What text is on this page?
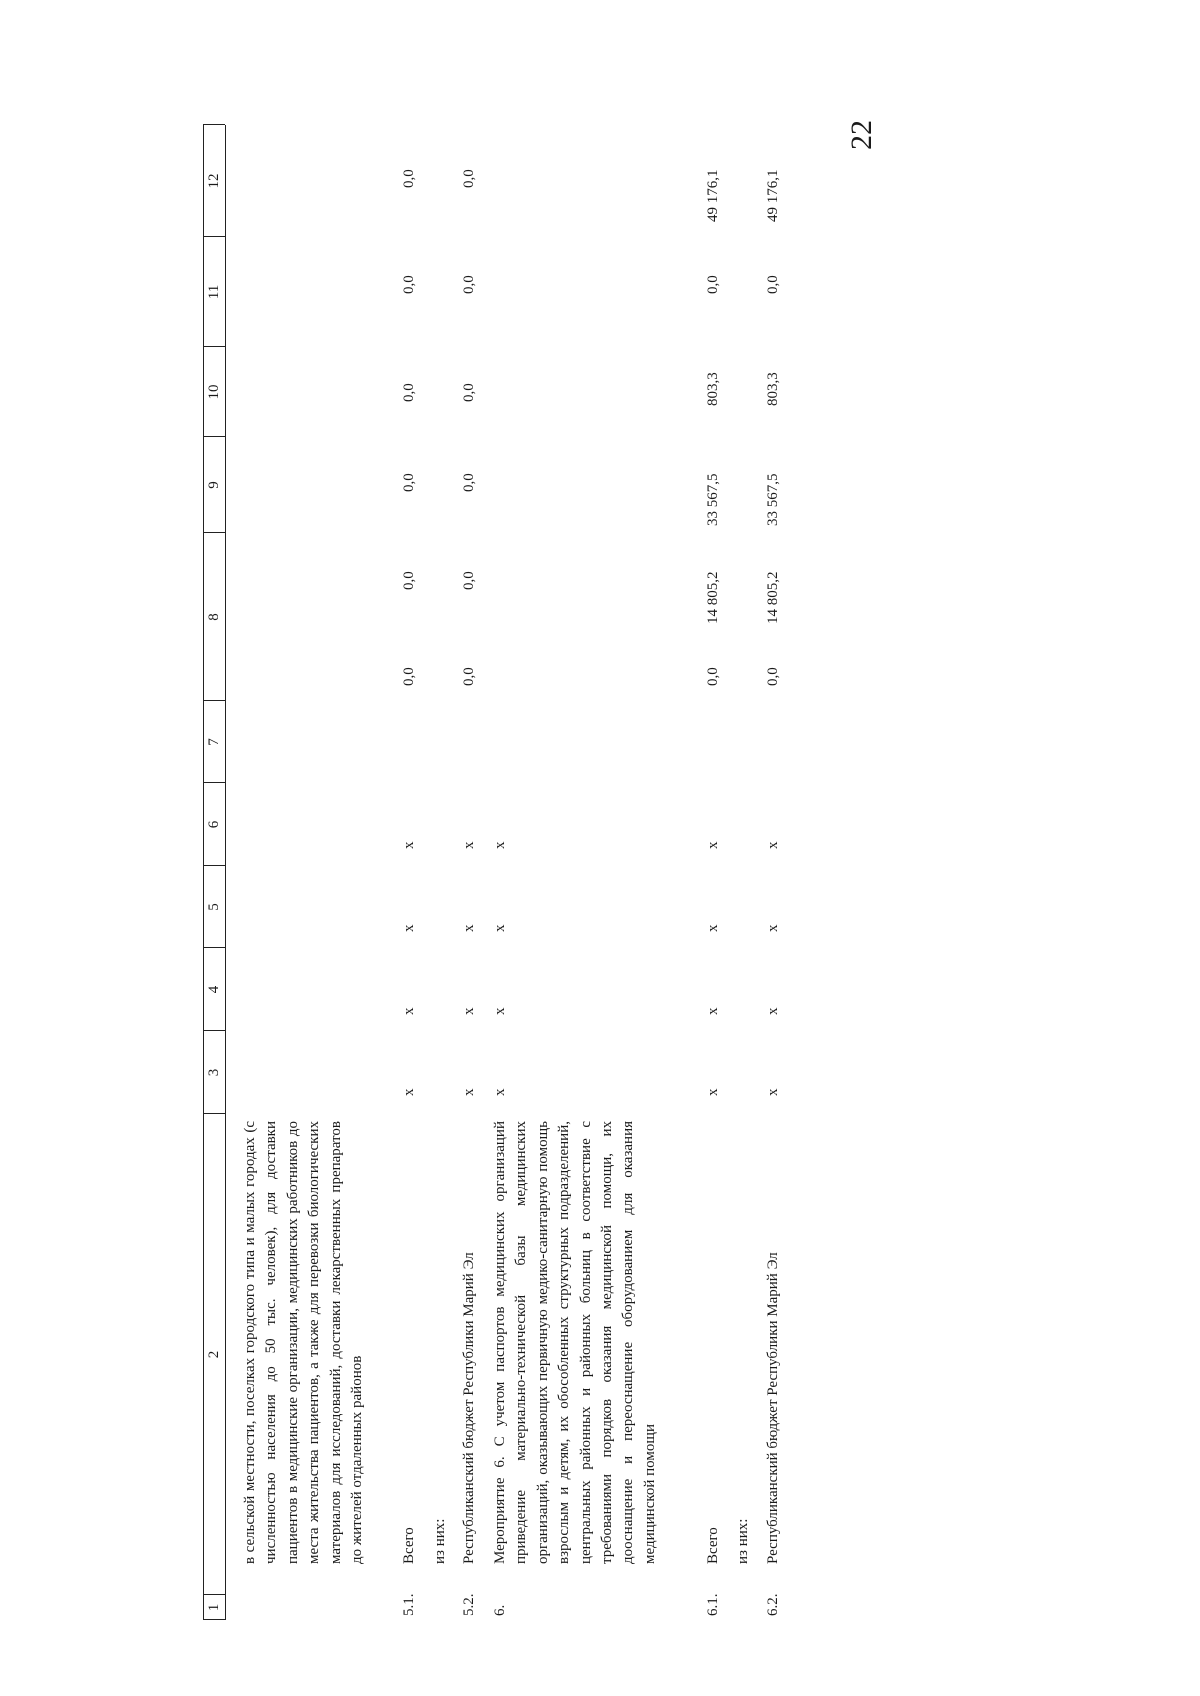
22
1
2
3
4
5
6
7
8
9
10
11
12
в сельской местности, поселках городского типа и малых городах (с численностью населения до 50 тыс. человек), для доставки пациентов в медицинские организации, медицинских работников до места жительства пациентов, а также для перевозки биологических материалов для исследований, доставки лекарственных препаратов до жителей отдаленных районов
5.1.
Всего
x
x
x
x
0,0
0,0
0,0
0,0
0,0
0,0
из них:
5.2.
Республиканский бюджет Республики Марий Эл
x
x
x
x
0,0
0,0
0,0
0,0
0,0
0,0
6.
Мероприятие 6. С учетом паспортов медицинских организаций приведение материально-технической базы медицинских организаций, оказывающих первичную медико-санитарную помощь взрослым и детям, их обособленных структурных подразделений, центральных районных и районных больниц в соответствие с требованиями порядков оказания медицинской помощи, их дооснащение и переоснащение оборудованием для оказания медицинской помощи
x
x
x
x
6.1.
Всего
x
x
x
x
0,0
14 805,2
33 567,5
803,3
0,0
49 176,1
из них:
6.2.
Республиканский бюджет Республики Марий Эл
x
x
x
x
0,0
14 805,2
33 567,5
803,3
0,0
49 176,1
